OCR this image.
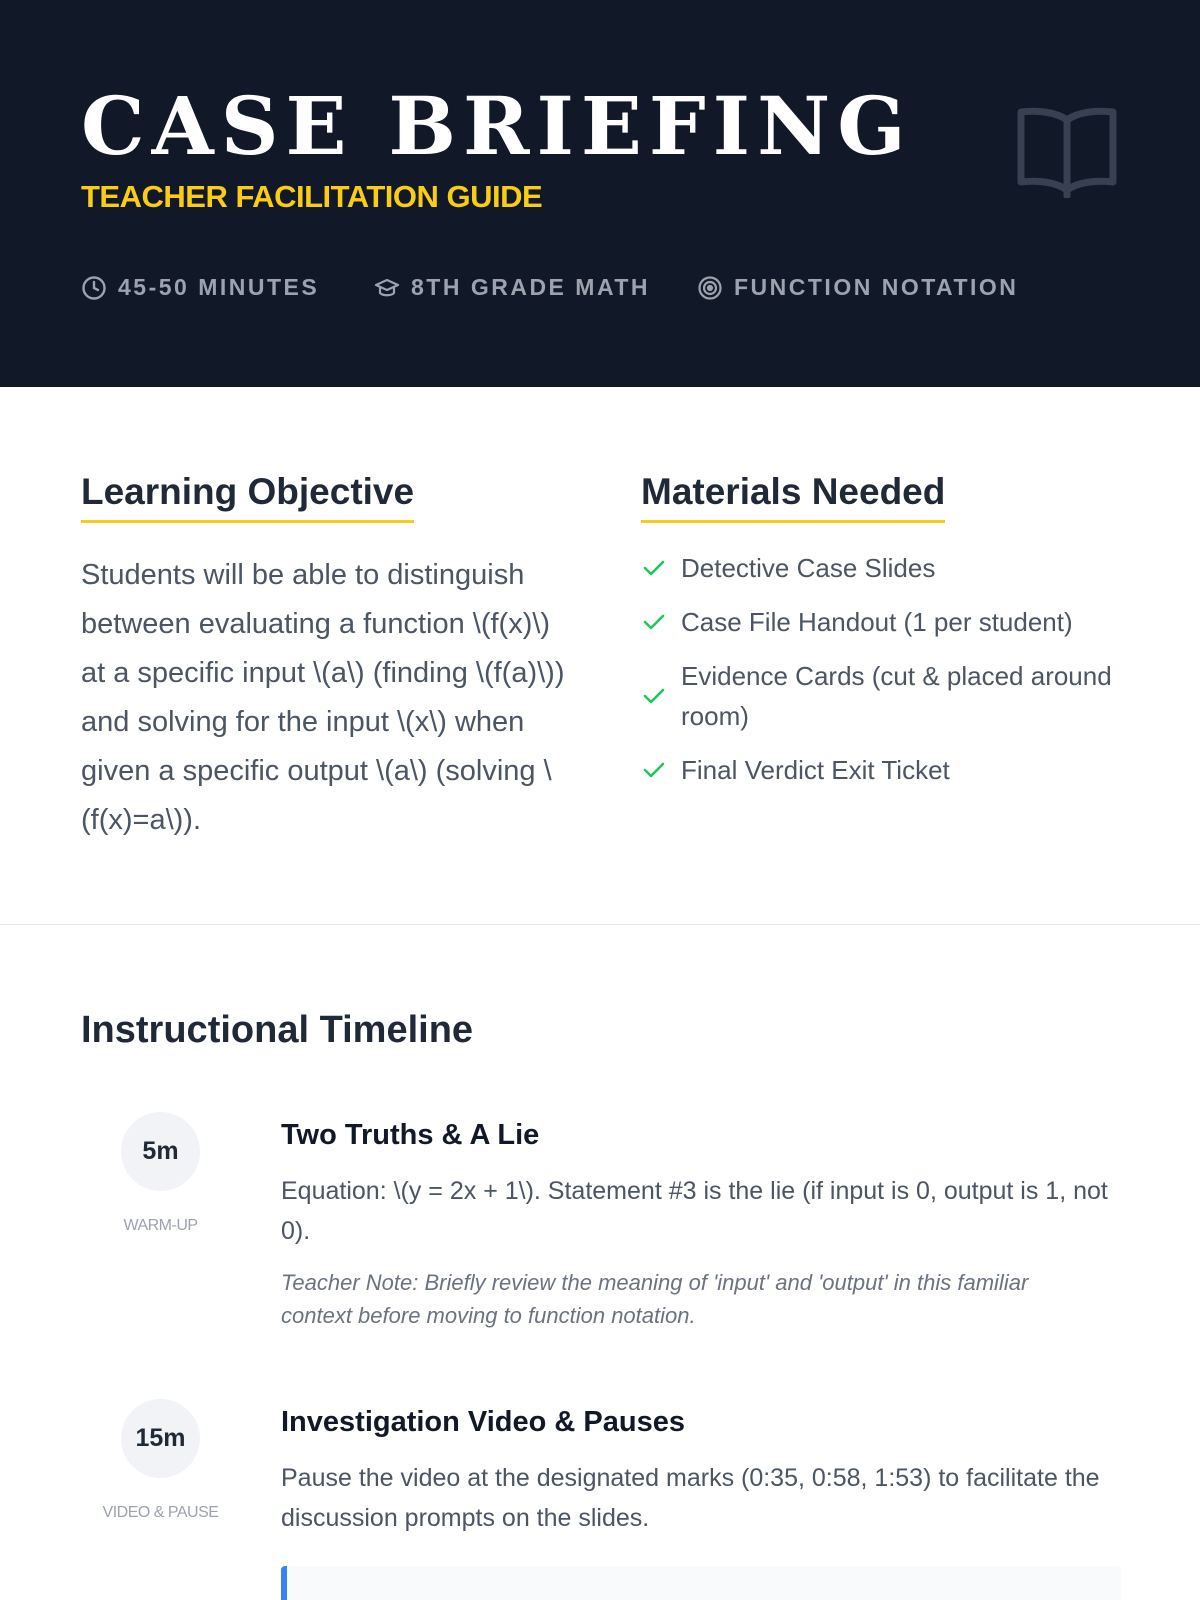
CASE BRIEFING
TEACHER FACILITATION GUIDE
45-50 MINUTES	8TH GRADE MATH	FUNCTION NOTATION
Learning Objective

Students will be able to distinguish between evaluating a function \(f(x)\) at a specific input \(a\) (finding \(f(a)\)) and solving for the input \(x\) when given a specific output \(a\) (solving \(f(x)=a\)).

Materials Needed
Detective Case Slides
Case File Handout (1 per student)
Evidence Cards (cut & placed around room)
Final Verdict Exit Ticket
Instructional Timeline
5m
WARM-UP
Two Truths & A Lie
Equation: \(y = 2x + 1\). Statement #3 is the lie (if input is 0, output is 1, not 0).
Teacher Note: Briefly review the meaning of 'input' and 'output' in this familiar context before moving to function notation.
15m
VIDEO & PAUSE
Investigation Video & Pauses
Pause the video at the designated marks (0:35, 0:58, 1:53) to facilitate the discussion prompts on the slides.
